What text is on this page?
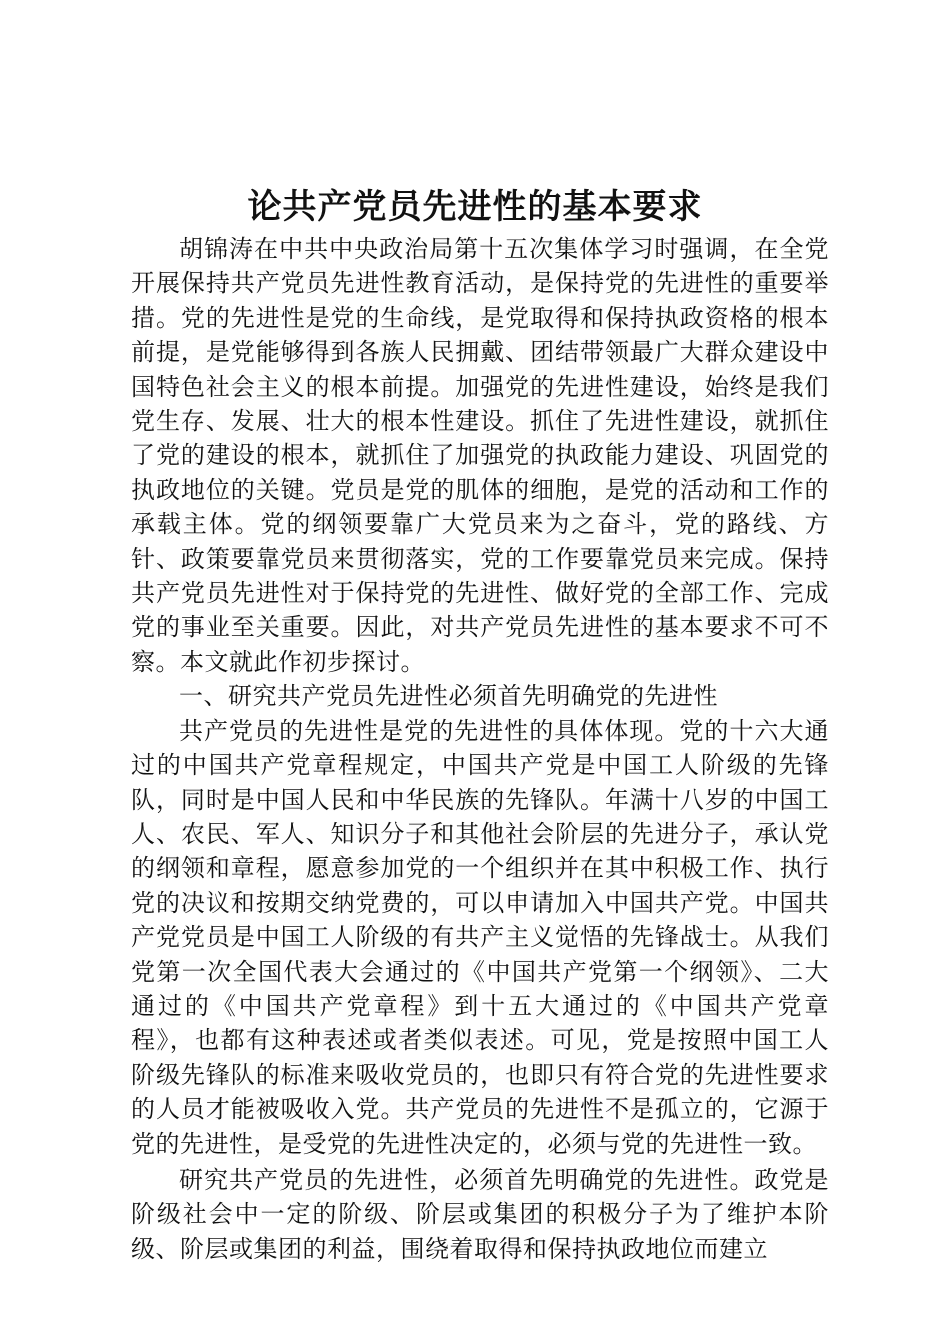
论共产党员先进性的基本要求

胡锦涛在中共中央政治局第十五次集体学习时强调，在全党开展保持共产党员先进性教育活动，是保持党的先进性的重要举措。党的先进性是党的生命线，是党取得和保持执政资格的根本前提，是党能够得到各族人民拥戴、团结带领最广大群众建设中国特色社会主义的根本前提。加强党的先进性建设，始终是我们党生存、发展、壮大的根本性建设。抓住了先进性建设，就抓住了党的建设的根本，就抓住了加强党的执政能力建设、巩固党的执政地位的关键。党员是党的肌体的细胞，是党的活动和工作的承载主体。党的纲领要靠广大党员来为之奋斗，党的路线、方针、政策要靠党员来贯彻落实，党的工作要靠党员来完成。保持共产党员先进性对于保持党的先进性、做好党的全部工作、完成党的事业至关重要。因此，对共产党员先进性的基本要求不可不察。本文就此作初步探讨。

一、研究共产党员先进性必须首先明确党的先进性

共产党员的先进性是党的先进性的具体体现。党的十六大通过的中国共产党章程规定，中国共产党是中国工人阶级的先锋队，同时是中国人民和中华民族的先锋队。年满十八岁的中国工人、农民、军人、知识分子和其他社会阶层的先进分子，承认党的纲领和章程，愿意参加党的一个组织并在其中积极工作、执行党的决议和按期交纳党费的，可以申请加入中国共产党。中国共产党党员是中国工人阶级的有共产主义觉悟的先锋战士。从我们党第一次全国代表大会通过的《中国共产党第一个纲领》、二大通过的《中国共产党章程》到十五大通过的《中国共产党章程》，也都有这种表述或者类似表述。可见，党是按照中国工人阶级先锋队的标准来吸收党员的，也即只有符合党的先进性要求的人员才能被吸收入党。共产党员的先进性不是孤立的，它源于党的先进性，是受党的先进性决定的，必须与党的先进性一致。

研究共产党员的先进性，必须首先明确党的先进性。政党是阶级社会中一定的阶级、阶层或集团的积极分子为了维护本阶级、阶层或集团的利益，围绕着取得和保持执政地位而建立
